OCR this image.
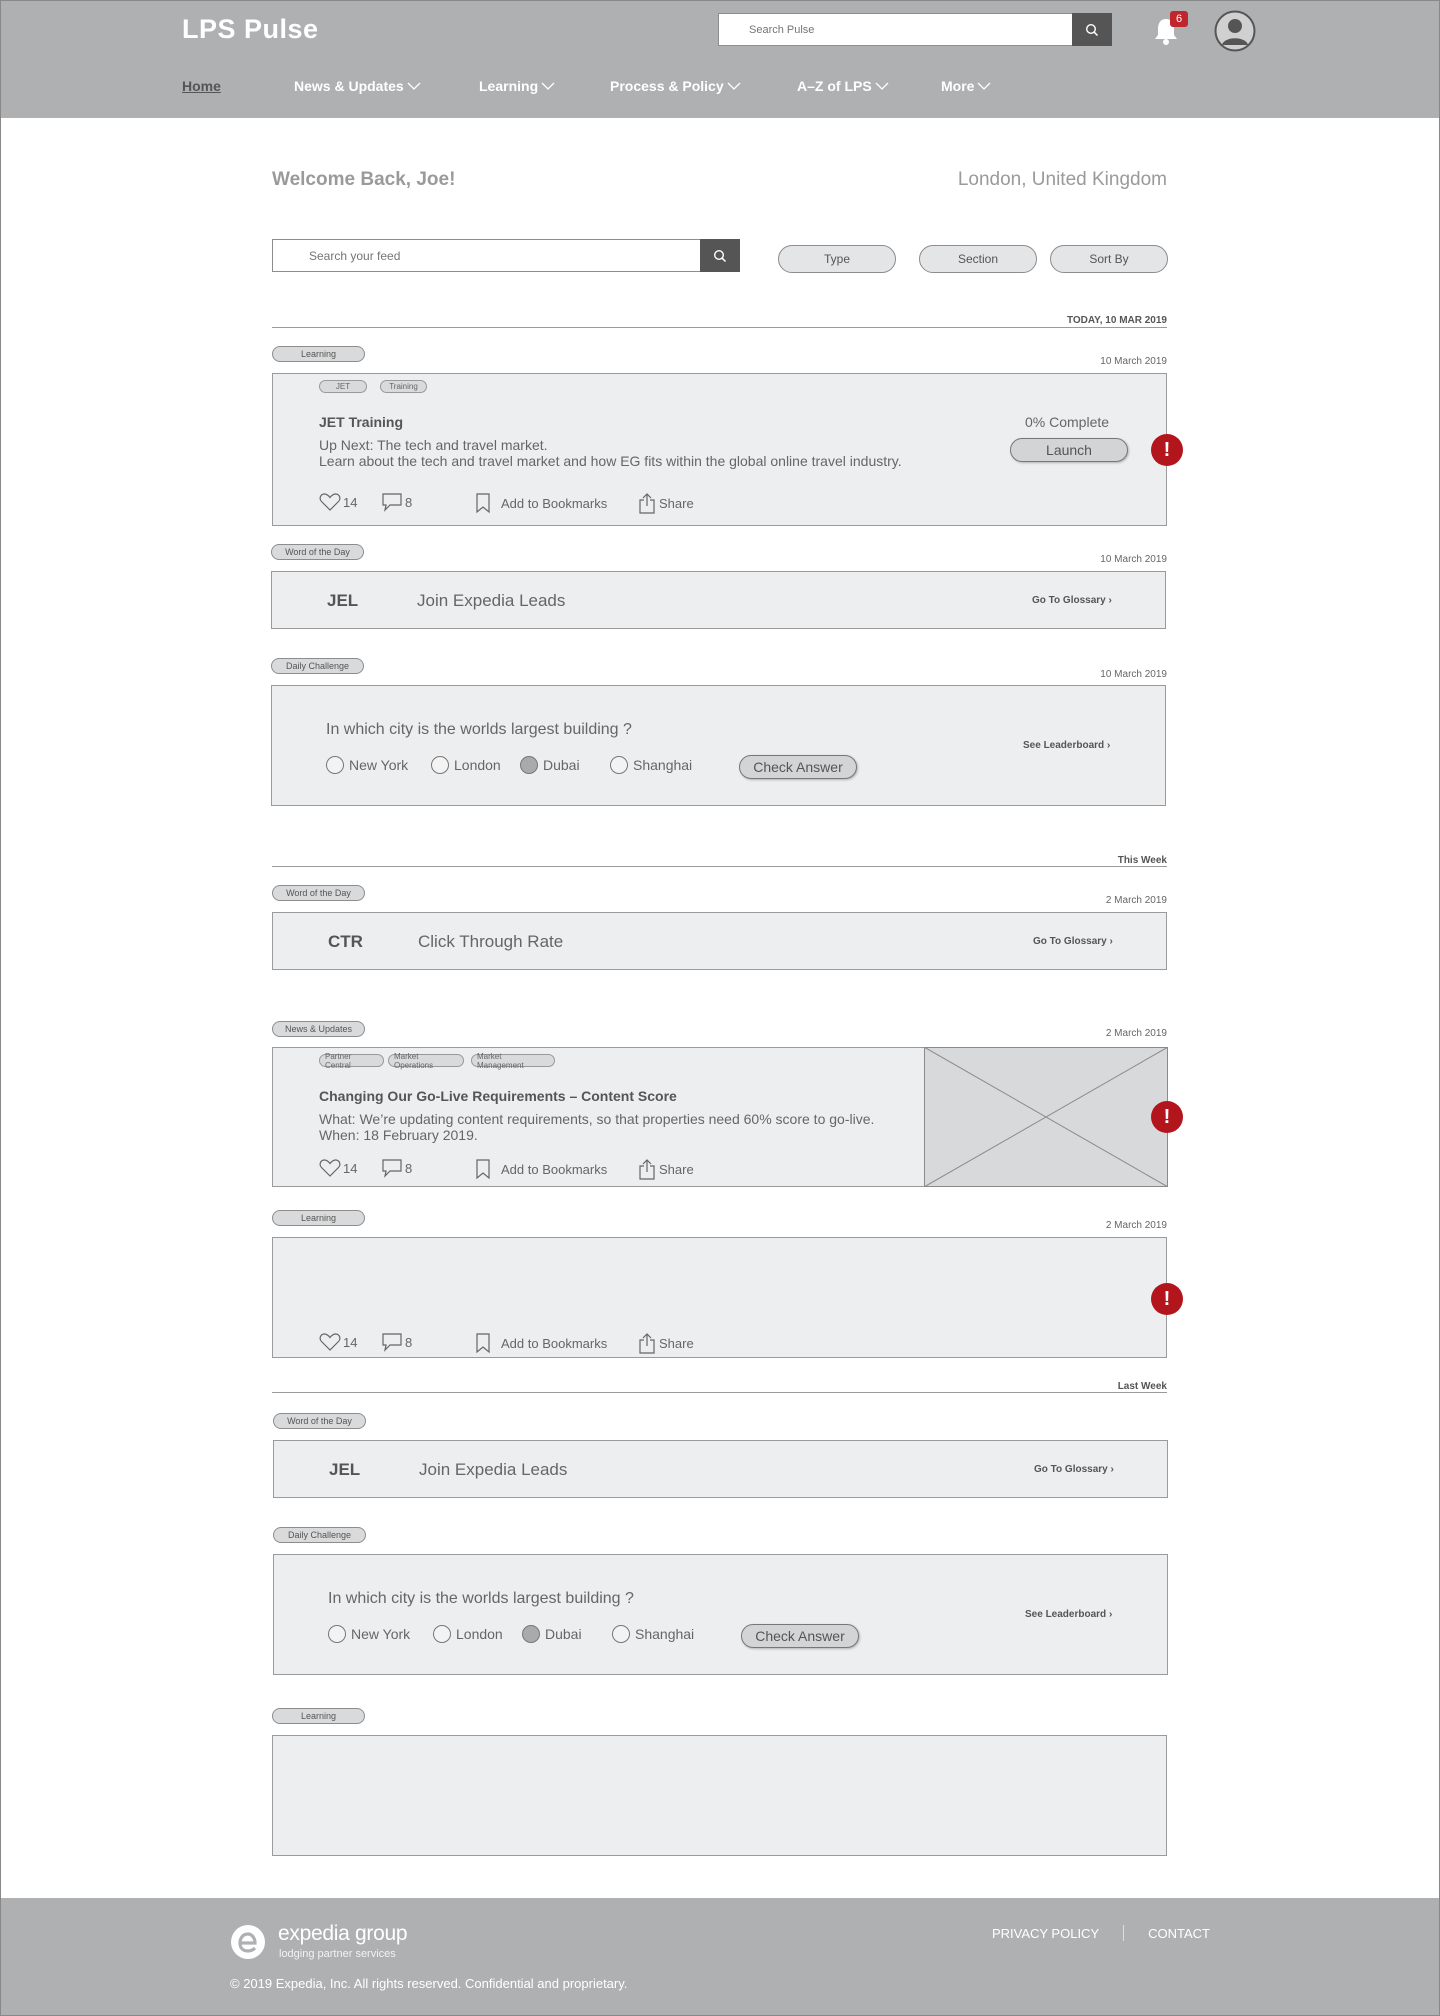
LPS Pulse
Search Pulse	6
Home	News & Updates	Learning	Process & Policy	A–Z of LPS	More
Welcome Back, Joe!	London, United Kingdom
Search your feed
Type	Section	Sort By
TODAY, 10 MAR 2019
Learning
10 March 2019
JET	Training
JET Training
Up Next: The tech and travel market.
Learn about the tech and travel market and how EG fits within the global online travel industry.
0% Complete
Launch
14	8	Add to Bookmarks	Share
!
Word of the Day
10 March 2019
JEL	Join Expedia Leads	Go To Glossary ›
Daily Challenge
10 March 2019
In which city is the worlds largest building ?
New York	London	Dubai	Shanghai	Check Answer
See Leaderboard ›
This Week
Word of the Day
2 March 2019
CTR	Click Through Rate	Go To Glossary ›
News & Updates	2 March 2019
Partner Central
Market Operations
Market Management
Changing Our Go-Live Requirements – Content Score
What: We’re updating content requirements, so that properties need 60% score to go-live.
When: 18 February 2019.
14	8	Add to Bookmarks	Share
!
Learning
2 March 2019
14	8	Add to Bookmarks	Share
!
Last Week
Word of the Day
JEL	Join Expedia Leads	Go To Glossary ›
Daily Challenge
In which city is the worlds largest building ?
New York	London	Dubai	Shanghai	Check Answer
See Leaderboard ›
Learning
expedia group
lodging partner services
PRIVACY POLICY	CONTACT
© 2019 Expedia, Inc. All rights reserved. Confidential and proprietary.
